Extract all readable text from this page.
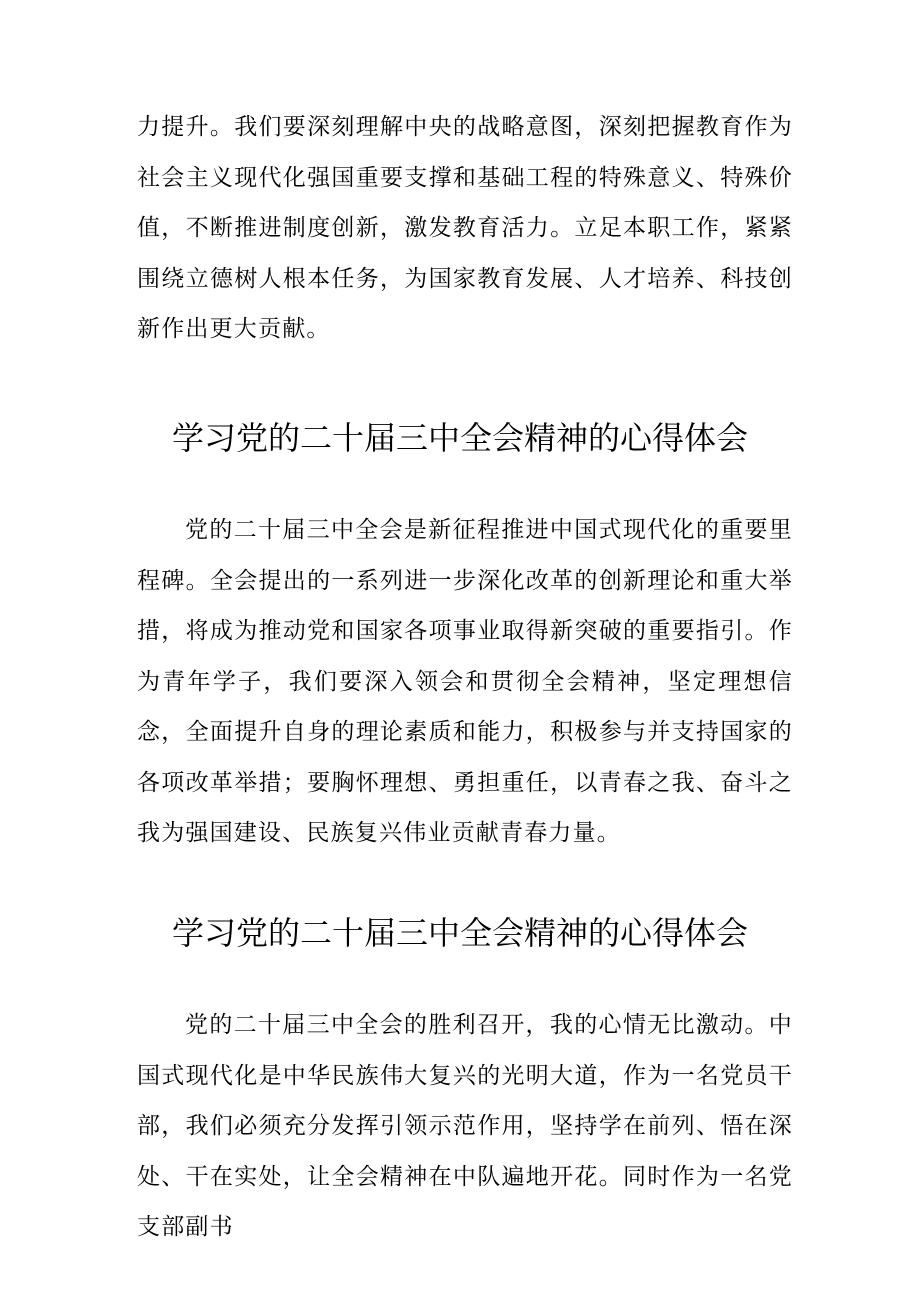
力提升。我们要深刻理解中央的战略意图，深刻把握教育作为社会主义现代化强国重要支撑和基础工程的特殊意义、特殊价值，不断推进制度创新，激发教育活力。立足本职工作，紧紧围绕立德树人根本任务，为国家教育发展、人才培养、科技创新作出更大贡献。

学习党的二十届三中全会精神的心得体会

党的二十届三中全会是新征程推进中国式现代化的重要里程碑。全会提出的一系列进一步深化改革的创新理论和重大举措，将成为推动党和国家各项事业取得新突破的重要指引。作为青年学子，我们要深入领会和贯彻全会精神，坚定理想信念，全面提升自身的理论素质和能力，积极参与并支持国家的各项改革举措；要胸怀理想、勇担重任，以青春之我、奋斗之我为强国建设、民族复兴伟业贡献青春力量。

学习党的二十届三中全会精神的心得体会

党的二十届三中全会的胜利召开，我的心情无比激动。中国式现代化是中华民族伟大复兴的光明大道，作为一名党员干部，我们必须充分发挥引领示范作用，坚持学在前列、悟在深处、干在实处，让全会精神在中队遍地开花。同时作为一名党支部副书
